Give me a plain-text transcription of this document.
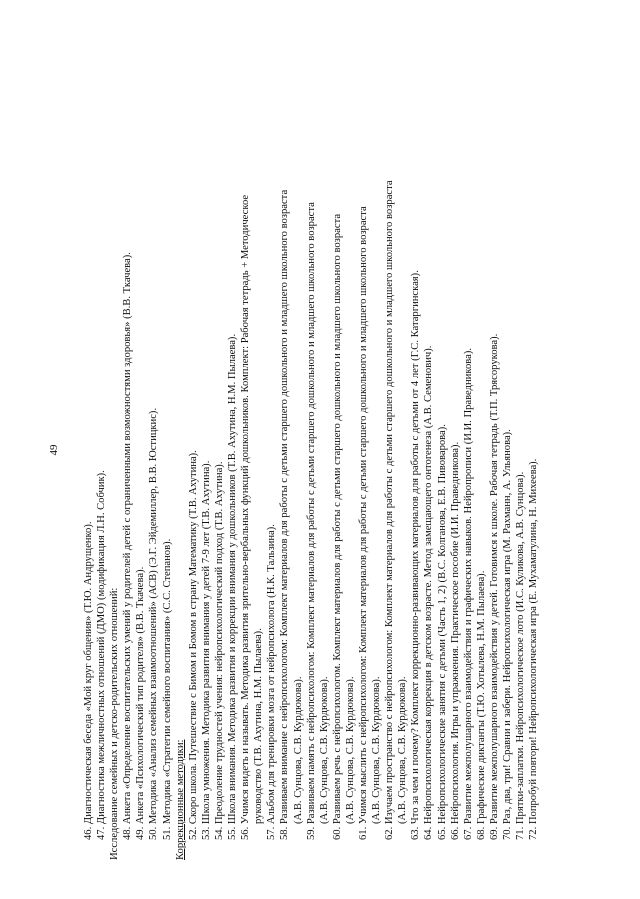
49
46. Диагностическая беседа «Мой круг общения» (Т.Ю. Андрущенко). 47. Диагностика межличностных отношений (ДМО) (модификация Л.Н. Собчик). Исследование семейных и детско-родительских отношений: 48. Анкета «Определение воспитательских умений у родителей детей с ограниченными возможностями здоровья» (В.В. Ткачева). 49. Анкета «Психологический тип родителя» (В.В. Ткачева). 50. Методика «Анализ семейных взаимоотношений» (АСВ) (Э.Г. Эйдемиллер, В.В. Юстицкис). 51. Методика «Стратегии семейного воспитания» (С.С. Степанов). Коррекционные методики: 52. Скоро школа. Путешествие с Бимом и Бомом в страну Математику (Т.В. Ахутина). 53. Школа умножения. Методика развития внимания у детей 7-9 лет (Т.В. Ахутина). 54. Преодоление трудностей учения: нейропсихологический подход (Т.В. Ахутина). 55. Школа внимания. Методика развития и коррекции внимания у дошкольников (Т.В. Ахутина, Н.М. Пылаева). 56. Учимся видеть и называть. Методика развития зрительно-вербальных функций дошкольников. Комплект: Рабочая тетрадь + Методическое руководство (Т.В. Ахутина, Н.М. Пылаева). 57. Альбом для тренировки мозга от нейропсихолога (Н.К. Тальзина). 58. Развиваем внимание с нейропсихологом: Комплект материалов для работы с детьми старшего дошкольного и младшего школьного возраста (А.В. Сунцова, С.В. Курдюкова). 59. Развиваем память с нейропсихологом: Комплект материалов для работы с детьми старшего дошкольного и младшего школьного возраста (А.В. Сунцова, С.В. Курдюкова). 60. Развиваем речь с нейропсихологом. Комплект материалов для работы с детьми старшего дошкольного и младшего школьного возраста (А.В. Сунцова, С.В. Курдюкова). 61. Учимся мыслить с нейропсихологом: Комплект материалов для работы с детьми старшего дошкольного и младшего школьного возраста (А.В. Сунцова, С.В. Курдюкова). 62. Изучаем пространство с нейропсихологом: Комплект материалов для работы с детьми старшего дошкольного и младшего школьного возраста (А.В. Сунцова, С.В. Курдюкова). 63. Что за чем и почему? Комплект коррекционно-развивающих материалов для работы с детьми от 4 лет (Г.С. Катаргинская). 64. Нейропсихологическая коррекция в детском возрасте. Метод замещающего онтогенеза (А.В. Семенович). 65. Нейропсихологические занятия с детьми (Часть 1, 2) (В.С. Колганова, Е.В. Пивоварова). 66. Нейропсихология. Игры и упражнения. Практическое пособие (И.И. Праведникова). 67. Развитие межполушарного взаимодействия и графических навыков. Нейропрописи (И.И. Праведникова). 68. Графические диктанты (Т.Ю. Хотылева, Н.М. Пылаева). 69. Развитие межполушарного взаимодействия у детей. Готовимся к школе. Рабочая тетрадь (Т.П. Трясорукова). 70. Раз, два, три! Сравни и забери. Нейропсихологическая игра (М. Рахманн, А. Ульянова). 71. Прятки-заплатки. Нейропсихологическое лото (И.С. Куликова, А.В. Сунцова). 72. Попробуй повтори! Нейропсихологическая игра (Е. Мухаматулина, Н. Михеева).
